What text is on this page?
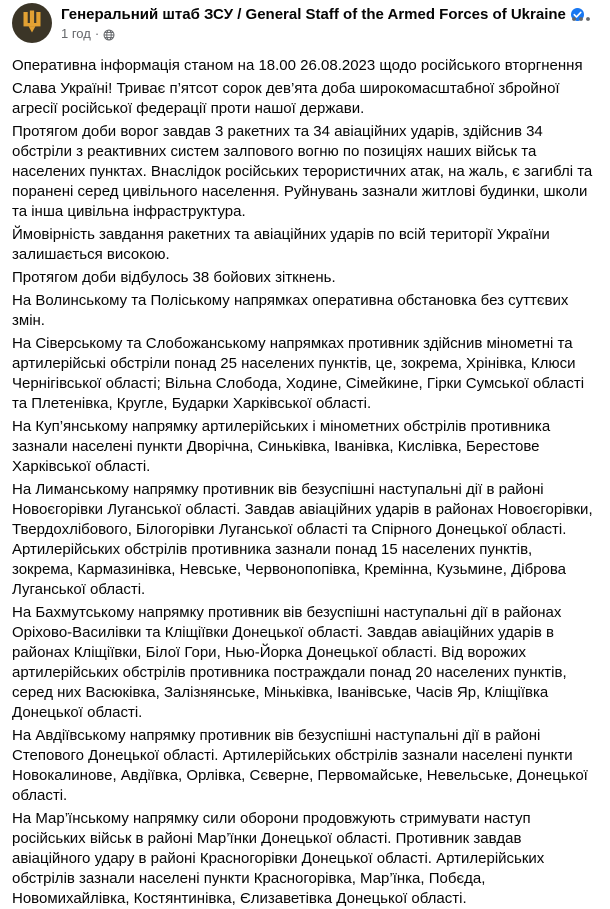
Генеральний штаб ЗСУ / General Staff of the Armed Forces of Ukraine
1 год ·

Оперативна інформація станом на 18.00 26.08.2023 щодо російського вторгнення

Слава Україні! Триває п’ятсот сорок дев’ята доба широкомасштабної збройної агресії російської федерації проти нашої держави.

Протягом доби ворог завдав 3 ракетних та 34 авіаційних ударів, здійснив 34 обстріли з реактивних систем залпового вогню по позиціях наших військ та населених пунктах. Внаслідок російських терористичних атак, на жаль, є загиблі та поранені серед цивільного населення. Руйнувань зазнали житлові будинки, школи та інша цивільна інфраструктура.

Ймовірність завдання ракетних та авіаційних ударів по всій території України залишається високою.

Протягом доби відбулось 38 бойових зіткнень.

На Волинському та Поліському напрямках оперативна обстановка без суттєвих змін.

На Сіверському та Слобожанському напрямках противник здійснив мінометні та артилерійські обстріли понад 25 населених пунктів, це, зокрема, Хрінівка, Клюси Чернігівської області; Вільна Слобода, Ходине, Сімейкине, Гірки Сумської області та Плетенівка, Кругле, Бударки Харківської області.

На Куп’янському напрямку артилерійських і мінометних обстрілів противника зазнали населені пункти Дворічна, Синьківка, Іванівка, Кислівка, Берестове Харківської області.

На Лиманському напрямку противник вів безуспішні наступальні дії в районі Новоєгорівки Луганської області. Завдав авіаційних ударів в районах Новоєгорівки, Твердохлібового, Білогорівки Луганської області та Спірного Донецької області. Артилерійських обстрілів противника зазнали понад 15 населених пунктів, зокрема, Кармазинівка, Невське, Червонопопівка, Кремінна, Кузьмине, Діброва Луганської області.

На Бахмутському напрямку противник вів безуспішні наступальні дії в районах Оріхово-Василівки та Кліщіївки Донецької області. Завдав авіаційних ударів в районах Кліщіївки, Білої Гори, Нью-Йорка Донецької області. Від ворожих артилерійських обстрілів противника постраждали понад 20 населених пунктів, серед них Васюківка, Залізнянське, Міньківка, Іванівське, Часів Яр, Кліщіївка Донецької області.

На Авдіївському напрямку противник вів безуспішні наступальні дії в районі Степового Донецької області. Артилерійських обстрілів зазнали населені пункти Новокалинове, Авдіївка, Орлівка, Сєверне, Первомайське, Невельське, Донецької області.

На Мар’їнському напрямку сили оборони продовжують стримувати наступ російських військ в районі Мар’їнки Донецької області. Противник завдав авіаційного удару в районі Красногорівки Донецької області. Артилерійських обстрілів зазнали населені пункти Красногорівка, Мар’їнка, Побєда, Новомихайлівка, Костянтинівка, Єлизаветівка Донецької області.
